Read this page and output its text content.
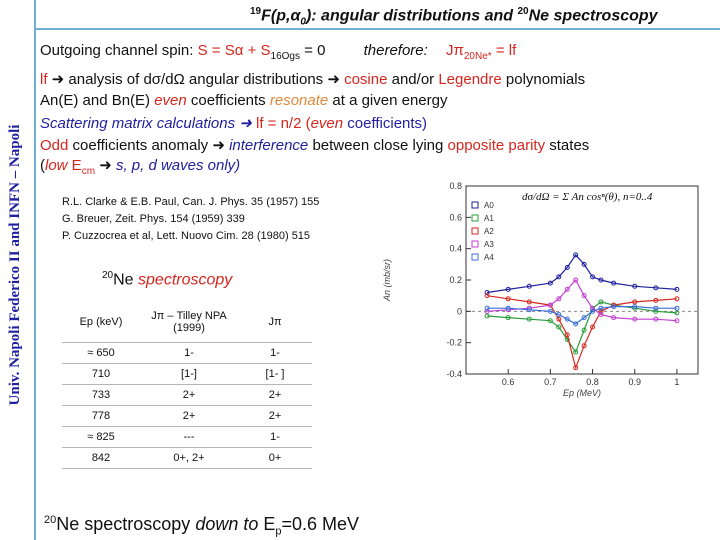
Univ. Napoli Federico II and INFN – Napoli
$^{19}F(p,\alpha_0)$: angular distributions and $^{20}$Ne spectroscopy
Outgoing channel spin: $S = S\alpha + S_{16Ogs} = 0$	therefore: $J\pi_{20Ne*}$ = lf
lf ➜ analysis of dσ/dΩ angular distributions ➜ cosine and/or Legendre polynomials
An(E) and Bn(E) even coefficients resonate at a given energy
Scattering matrix calculations ➜ lf = n/2 (even coefficients)
Odd coefficients anomaly ➜ interference between close lying opposite parity states
(low $E_{cm}$ ➜ s, p, d waves only)
R.L. Clarke & E.B. Paul, Can. J. Phys. 35 (1957) 155
G. Breuer, Zeit. Phys. 154 (1959) 339
P. Cuzzocrea et al, Lett. Nuovo Cim. 28 (1980) 515
$^{20}$Ne spectroscopy
Ep (keV)	Jπ – Tilley NPA (1999)	Jπ
≈ 650	1-	1-
710	[1-]	[1- ]
733	2+	2+
778	2+	2+
≈ 825	---	1-
842	0+, 2+	0+
$^{20}$Ne spectroscopy down to $E_p=0.6$ MeV
-0.4
-0.2
0
0.2
0.4
0.6
0.8
0.6	0.7	0.8	0.9	1
Ep (MeV)
An (mb/sr)
dσ/dΩ = Σ An cosⁿ(θ), n=0..4
A0
A1
A2
A3
A4
